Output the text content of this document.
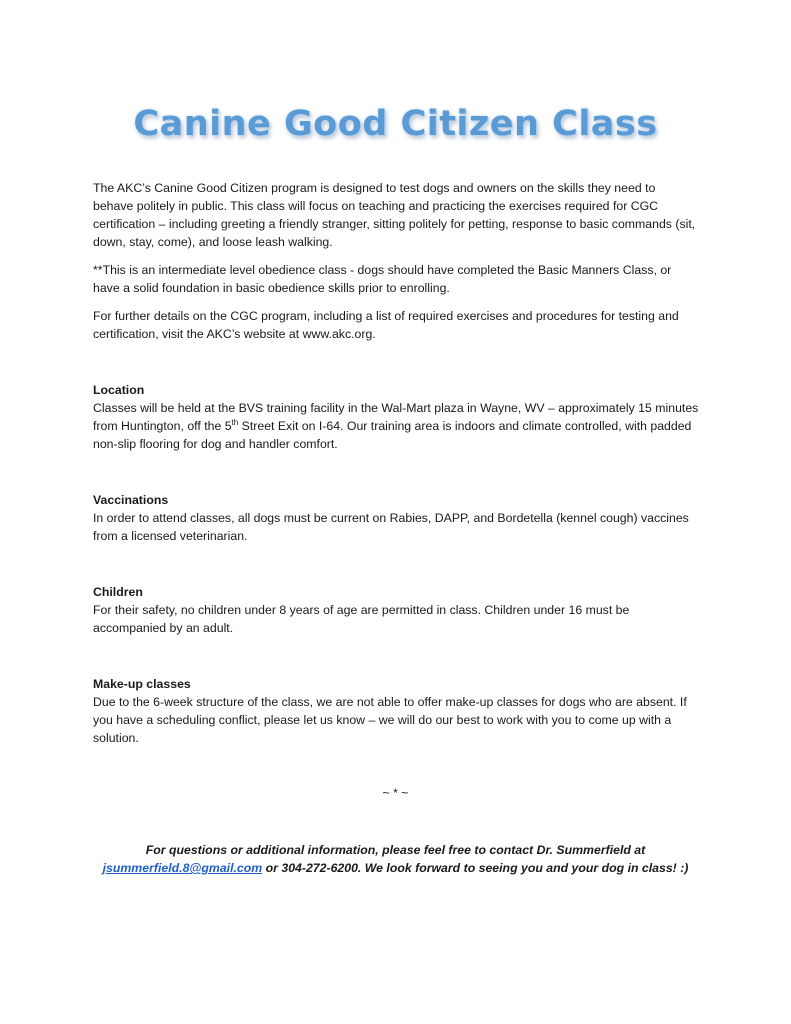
Canine Good Citizen Class

The AKC’s Canine Good Citizen program is designed to test dogs and owners on the skills they need to behave politely in public. This class will focus on teaching and practicing the exercises required for CGC certification – including greeting a friendly stranger, sitting politely for petting, response to basic commands (sit, down, stay, come), and loose leash walking.

**This is an intermediate level obedience class - dogs should have completed the Basic Manners Class, or have a solid foundation in basic obedience skills prior to enrolling.

For further details on the CGC program, including a list of required exercises and procedures for testing and certification, visit the AKC’s website at www.akc.org.

Location

Classes will be held at the BVS training facility in the Wal-Mart plaza in Wayne, WV – approximately 15 minutes from Huntington, off the 5th Street Exit on I-64. Our training area is indoors and climate controlled, with padded non-slip flooring for dog and handler comfort.

Vaccinations

In order to attend classes, all dogs must be current on Rabies, DAPP, and Bordetella (kennel cough) vaccines from a licensed veterinarian.

Children

For their safety, no children under 8 years of age are permitted in class. Children under 16 must be accompanied by an adult.

Make-up classes

Due to the 6-week structure of the class, we are not able to offer make-up classes for dogs who are absent. If you have a scheduling conflict, please let us know – we will do our best to work with you to come up with a solution.

~ * ~
For questions or additional information, please feel free to contact Dr. Summerfield at
jsummerfield.8@gmail.com or 304-272-6200. We look forward to seeing you and your dog in class! :)
